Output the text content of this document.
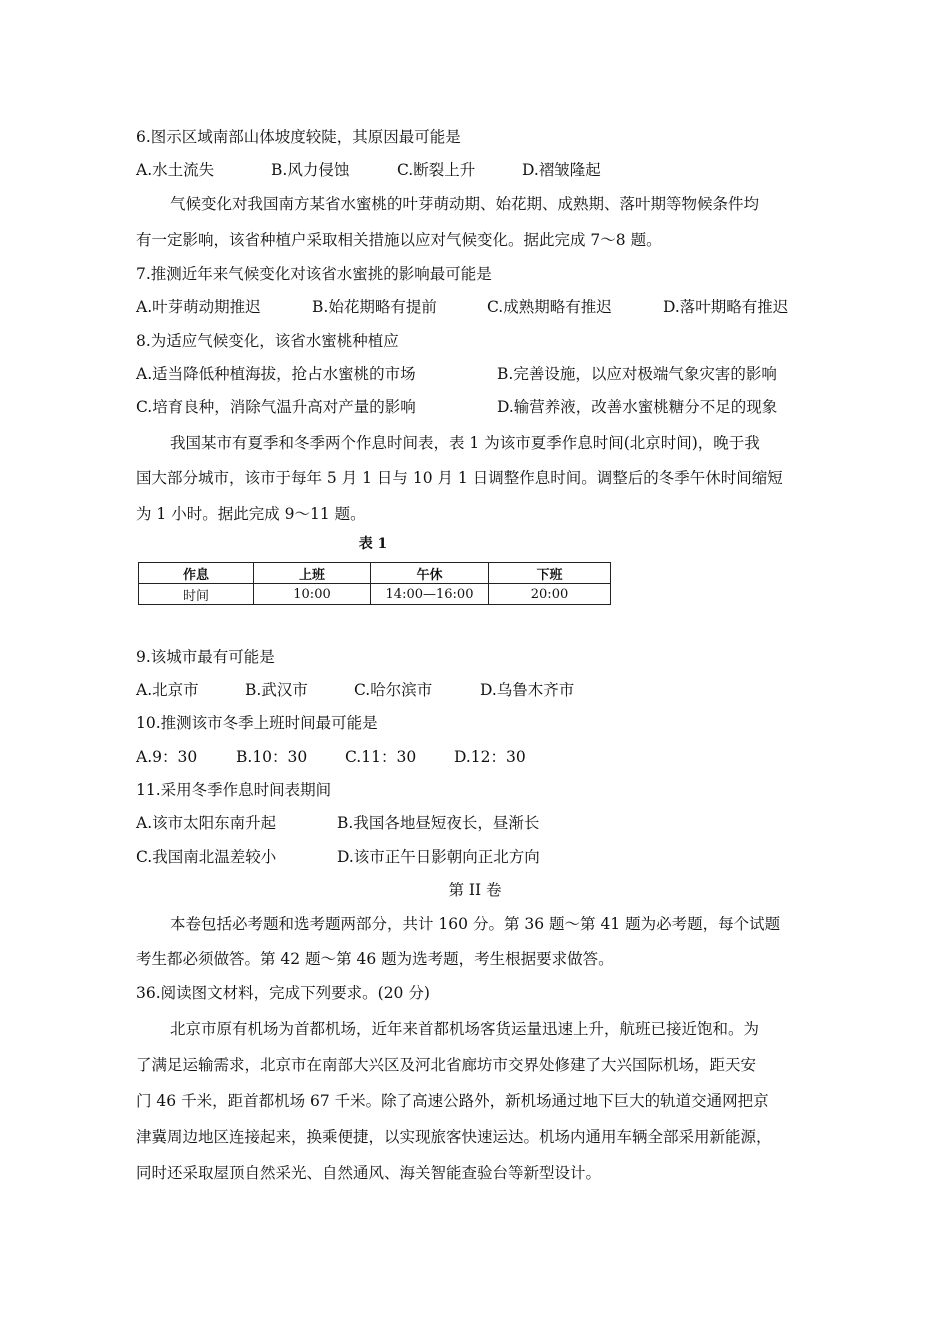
6.图示区域南部山体坡度较陡，其原因最可能是
A.水土流失	B.风力侵蚀	C.断裂上升	D.褶皱隆起
气候变化对我国南方某省水蜜桃的叶芽萌动期、始花期、成熟期、落叶期等物候条件均
有一定影响，该省种植户采取相关措施以应对气候变化。据此完成 7～8 题。
7.推测近年来气候变化对该省水蜜挑的影响最可能是
A.叶芽萌动期推迟	B.始花期略有提前	C.成熟期略有推迟	D.落叶期略有推迟
8.为适应气候变化，该省水蜜桃种植应
A.适当降低种植海拔，抢占水蜜桃的市场	B.完善设施，以应对极端气象灾害的影响
C.培育良种，消除气温升高对产量的影响	D.输营养液，改善水蜜桃糖分不足的现象
我国某市有夏季和冬季两个作息时间表，表 1 为该市夏季作息时间(北京时间)，晚于我
国大部分城市，该市于每年 5 月 1 日与 10 月 1 日调整作息时间。调整后的冬季午休时间缩短
为 1 小时。据此完成 9～11 题。
表 1
作息	上班	午休	下班
时间	10:00	14:00—16:00	20:00
9.该城市最有可能是
A.北京市	B.武汉市	C.哈尔滨市	D.乌鲁木齐市
10.推测该市冬季上班时间最可能是
A.9：30	B.10：30 C.11：30 D.12：30
11.采用冬季作息时间表期间
A.该市太阳东南升起	B.我国各地昼短夜长，昼渐长
C.我国南北温差较小	D.该市正午日影朝向正北方向
第 II 卷
本卷包括必考题和选考题两部分，共计 160 分。第 36 题～第 41 题为必考题，每个试题
考生都必须做答。第 42 题～第 46 题为选考题，考生根据要求做答。
36.阅读图文材料，完成下列要求。(20 分)
北京市原有机场为首都机场，近年来首都机场客货运量迅速上升，航班已接近饱和。为
了满足运输需求，北京市在南部大兴区及河北省廊坊市交界处修建了大兴国际机场，距天安
门 46 千米，距首都机场 67 千米。除了高速公路外，新机场通过地下巨大的轨道交通网把京
津冀周边地区连接起来，换乘便捷，以实现旅客快速运达。机场内通用车辆全部采用新能源，
同时还采取屋顶自然采光、自然通风、海关智能查验台等新型设计。
